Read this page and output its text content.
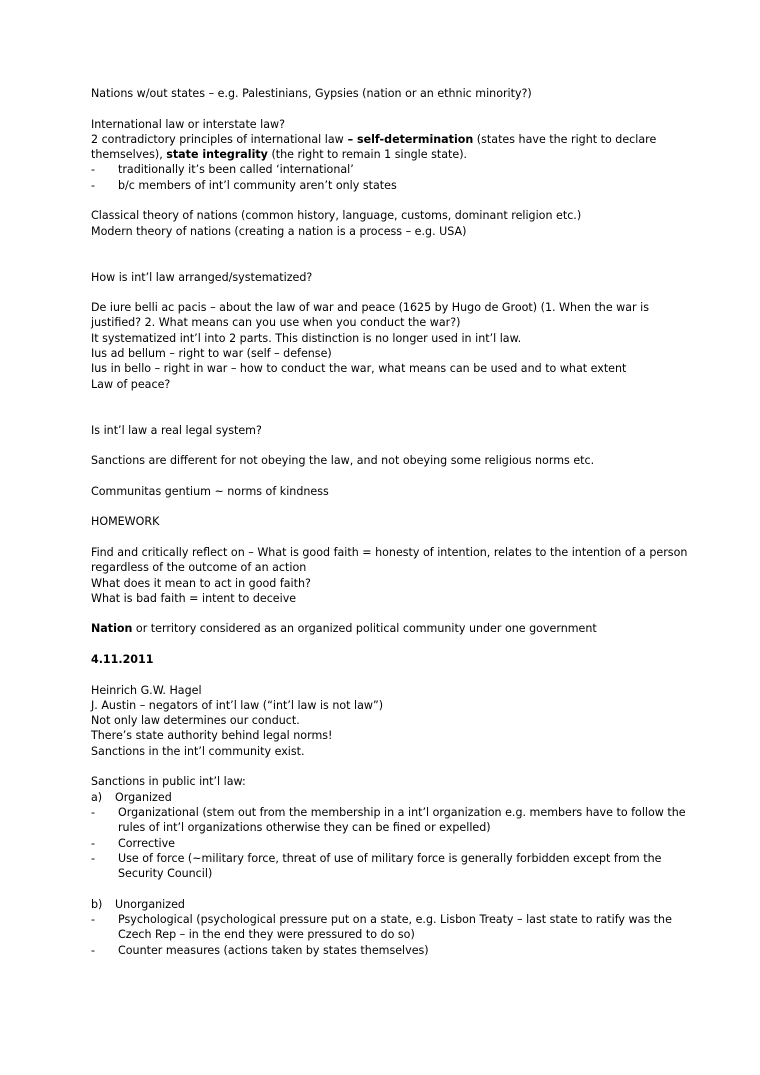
Nations w/out states – e.g. Palestinians, Gypsies (nation or an ethnic minority?)

International law or interstate law?

2 contradictory principles of international law – self-determination (states have the right to declare themselves), state integrality (the right to remain 1 single state).

-	traditionally it’s been called ‘international’
-	b/c members of int’l community aren’t only states

Classical theory of nations (common history, language, customs, dominant religion etc.)

Modern theory of nations (creating a nation is a process – e.g. USA)

How is int’l law arranged/systematized?

De iure belli ac pacis – about the law of war and peace (1625 by Hugo de Groot) (1. When the war is justified? 2. What means can you use when you conduct the war?)

It systematized int’l into 2 parts. This distinction is no longer used in int’l law.

Ius ad bellum – right to war (self – defense)

Ius in bello – right in war – how to conduct the war, what means can be used and to what extent

Law of peace?

Is int’l law a real legal system?

Sanctions are different for not obeying the law, and not obeying some religious norms etc.

Communitas gentium ~ norms of kindness

HOMEWORK

Find and critically reflect on – What is good faith = honesty of intention, relates to the intention of a person regardless of the outcome of an action

What does it mean to act in good faith?

What is bad faith = intent to deceive

Nation or territory considered as an organized political community under one government

4.11.2011

Heinrich G.W. Hagel

J. Austin – negators of int’l law (“int’l law is not law”)

Not only law determines our conduct.

There’s state authority behind legal norms!

Sanctions in the int’l community exist.

Sanctions in public int’l law:

a)	Organized
-	Organizational (stem out from the membership in a int’l organization e.g. members have to follow the rules of int’l organizations otherwise they can be fined or expelled)
-	Corrective
-	Use of force (~military force, threat of use of military force is generally forbidden except from the Security Council)
b)	Unorganized
-	Psychological (psychological pressure put on a state, e.g. Lisbon Treaty – last state to ratify was the Czech Rep – in the end they were pressured to do so)
-	Counter measures (actions taken by states themselves)
